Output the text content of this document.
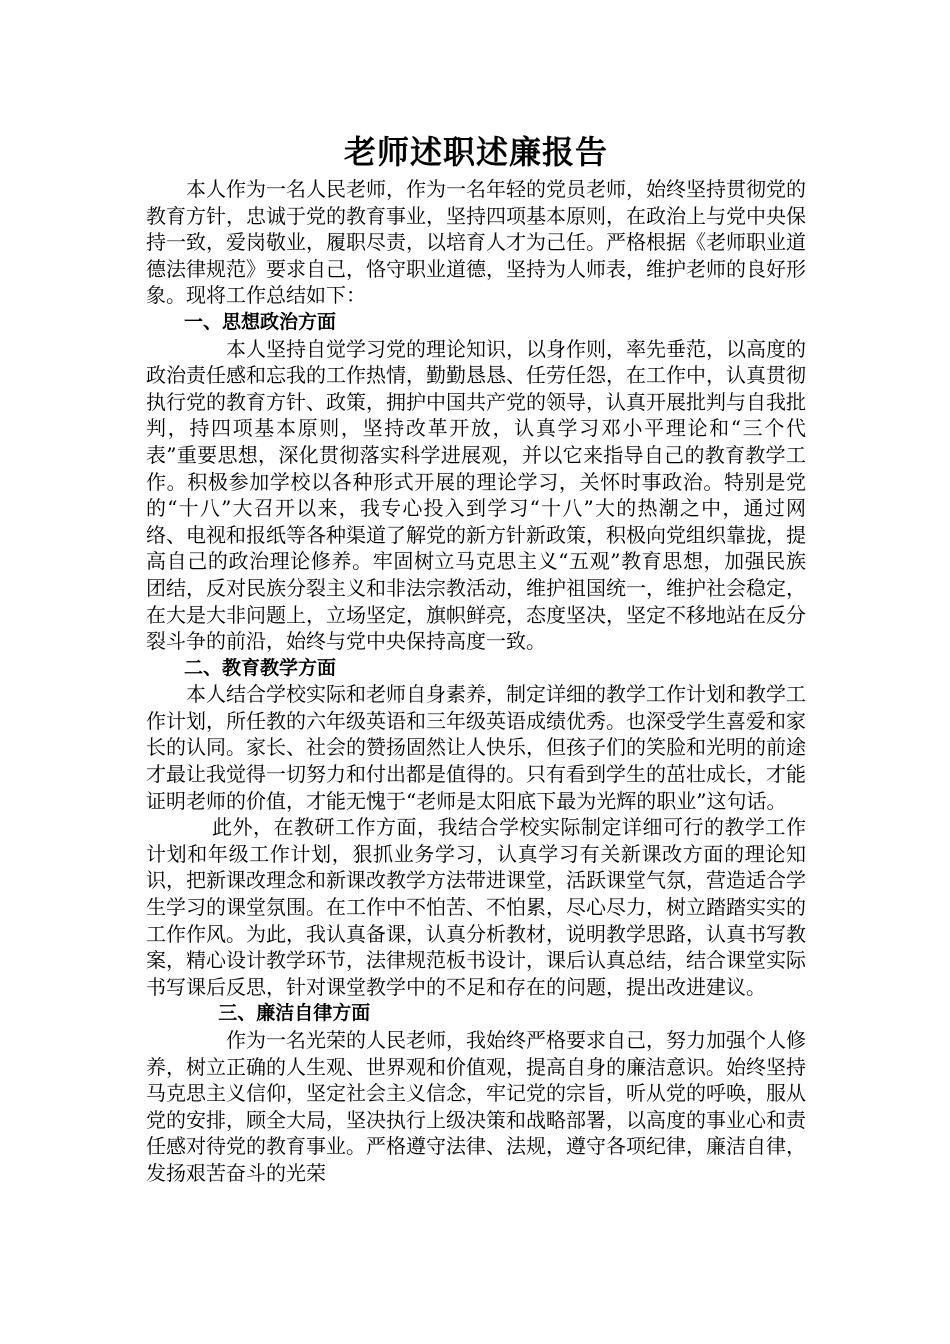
老师述职述廉报告

本人作为一名人民老师，作为一名年轻的党员老师，始终坚持贯彻党的教育方针，忠诚于党的教育事业，坚持四项基本原则，在政治上与党中央保持一致，爱岗敬业，履职尽责，以培育人才为己任。严格根据《老师职业道德法律规范》要求自己，恪守职业道德，坚持为人师表，维护老师的良好形象。现将工作总结如下：

一、思想政治方面

本人坚持自觉学习党的理论知识，以身作则，率先垂范，以高度的政治责任感和忘我的工作热情，勤勤恳恳、任劳任怨，在工作中，认真贯彻执行党的教育方针、政策，拥护中国共产党的领导，认真开展批判与自我批判，持四项基本原则，坚持改革开放，认真学习邓小平理论和“三个代表”重要思想，深化贯彻落实科学进展观，并以它来指导自己的教育教学工作。积极参加学校以各种形式开展的理论学习，关怀时事政治。特别是党的“十八”大召开以来，我专心投入到学习“十八”大的热潮之中，通过网络、电视和报纸等各种渠道了解党的新方针新政策，积极向党组织靠拢，提高自己的政治理论修养。牢固树立马克思主义“五观”教育思想，加强民族团结，反对民族分裂主义和非法宗教活动，维护祖国统一，维护社会稳定，在大是大非问题上，立场坚定，旗帜鲜亮，态度坚决，坚定不移地站在反分裂斗争的前沿，始终与党中央保持高度一致。

二、教育教学方面

本人结合学校实际和老师自身素养，制定详细的教学工作计划和教学工作计划，所任教的六年级英语和三年级英语成绩优秀。也深受学生喜爱和家长的认同。家长、社会的赞扬固然让人快乐，但孩子们的笑脸和光明的前途才最让我觉得一切努力和付出都是值得的。只有看到学生的茁壮成长，才能证明老师的价值，才能无愧于“老师是太阳底下最为光辉的职业”这句话。

此外，在教研工作方面，我结合学校实际制定详细可行的教学工作计划和年级工作计划，狠抓业务学习，认真学习有关新课改方面的理论知识，把新课改理念和新课改教学方法带进课堂，活跃课堂气氛，营造适合学生学习的课堂氛围。在工作中不怕苦、不怕累，尽心尽力，树立踏踏实实的工作作风。为此，我认真备课，认真分析教材，说明教学思路，认真书写教案，精心设计教学环节，法律规范板书设计，课后认真总结，结合课堂实际书写课后反思，针对课堂教学中的不足和存在的问题，提出改进建议。

三、廉洁自律方面

作为一名光荣的人民老师，我始终严格要求自己，努力加强个人修养，树立正确的人生观、世界观和价值观，提高自身的廉洁意识。始终坚持马克思主义信仰，坚定社会主义信念，牢记党的宗旨，听从党的呼唤，服从党的安排，顾全大局，坚决执行上级决策和战略部署，以高度的事业心和责任感对待党的教育事业。严格遵守法律、法规，遵守各项纪律，廉洁自律，发扬艰苦奋斗的光荣
